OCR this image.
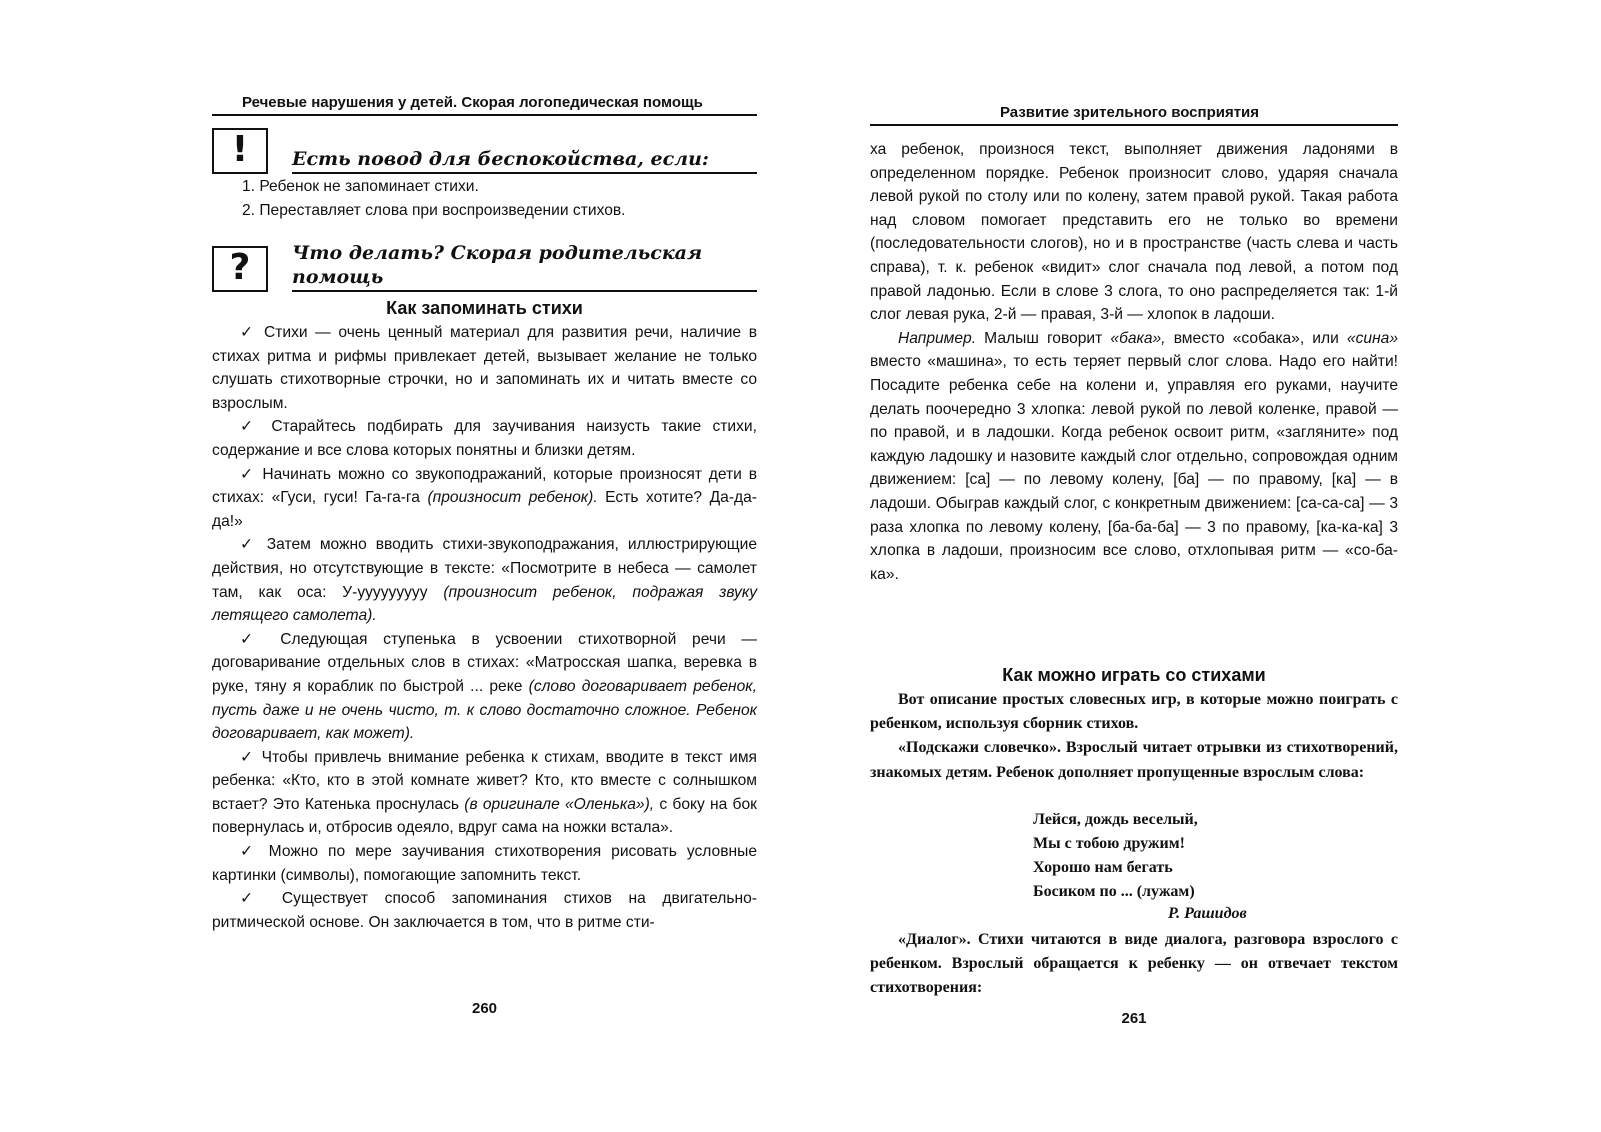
Речевые нарушения у детей. Скорая логопедическая помощь
!	Есть повод для беспокойства, если:
1. Ребенок не запоминает стихи.
2. Переставляет слова при воспроизведении стихов.
?	Что делать? Скорая родительская помощь
Как запоминать стихи

✓ Стихи — очень ценный материал для развития речи, наличие в стихах ритма и рифмы привлекает детей, вызывает желание не только слушать стихотворные строчки, но и запоминать их и читать вместе со взрослым.

✓ Старайтесь подбирать для заучивания наизусть такие стихи, содержание и все слова которых понятны и близки детям.

✓ Начинать можно со звукоподражаний, которые произносят дети в стихах: «Гуси, гуси! Га-га-га (произносит ребенок). Есть хотите? Да-да-да!»

✓ Затем можно вводить стихи-звукоподражания, иллюстрирующие действия, но отсутствующие в тексте: «Посмотрите в небеса — самолет там, как оса: У-ууууууууу (произносит ребенок, подражая звуку летящего самолета).

✓ Следующая ступенька в усвоении стихотворной речи — договаривание отдельных слов в стихах: «Матросская шапка, веревка в руке, тяну я кораблик по быстрой ... реке (слово договаривает ребенок, пусть даже и не очень чисто, т. к слово достаточно сложное. Ребенок договаривает, как может).

✓ Чтобы привлечь внимание ребенка к стихам, вводите в текст имя ребенка: «Кто, кто в этой комнате живет? Кто, кто вместе с солнышком встает? Это Катенька проснулась (в оригинале «Оленька»), с боку на бок повернулась и, отбросив одеяло, вдруг сама на ножки встала».

✓ Можно по мере заучивания стихотворения рисовать условные картинки (символы), помогающие запомнить текст.

✓ Существует способ запоминания стихов на двигательно-ритмической основе. Он заключается в том, что в ритме сти-

260
Развитие зрительного восприятия

ха ребенок, произнося текст, выполняет движения ладонями в определенном порядке. Ребенок произносит слово, ударяя сначала левой рукой по столу или по колену, затем правой рукой. Такая работа над словом помогает представить его не только во времени (последовательности слогов), но и в пространстве (часть слева и часть справа), т. к. ребенок «видит» слог сначала под левой, а потом под правой ладонью. Если в слове 3 слога, то оно распределяется так: 1-й слог левая рука, 2-й — правая, 3-й — хлопок в ладоши.

Например. Малыш говорит «бака», вместо «собака», или «сина» вместо «машина», то есть теряет первый слог слова. Надо его найти! Посадите ребенка себе на колени и, управляя его руками, научите делать поочередно 3 хлопка: левой рукой по левой коленке, правой — по правой, и в ладошки. Когда ребенок освоит ритм, «загляните» под каждую ладошку и назовите каждый слог отдельно, сопровождая одним движением: [са] — по левому колену, [ба] — по правому, [ка] — в ладоши. Обыграв каждый слог, с конкретным движением: [са-са-са] — 3 раза хлопка по левому колену, [ба-ба-ба] — 3 по правому, [ка-ка-ка] 3 хлопка в ладоши, произносим все слово, отхлопывая ритм — «со-ба-ка».

Как можно играть со стихами

Вот описание простых словесных игр, в которые можно поиграть с ребенком, используя сборник стихов.

«Подскажи словечко». Взрослый читает отрывки из стихотворений, знакомых детям. Ребенок дополняет пропущенные взрослым слова:

Лейся, дождь веселый,
Мы с тобою дружим!
Хорошо нам бегать
Босиком по ... (лужам)
Р. Рашидов

«Диалог». Стихи читаются в виде диалога, разговора взрослого с ребенком. Взрослый обращается к ребенку — он отвечает текстом стихотворения:

261
